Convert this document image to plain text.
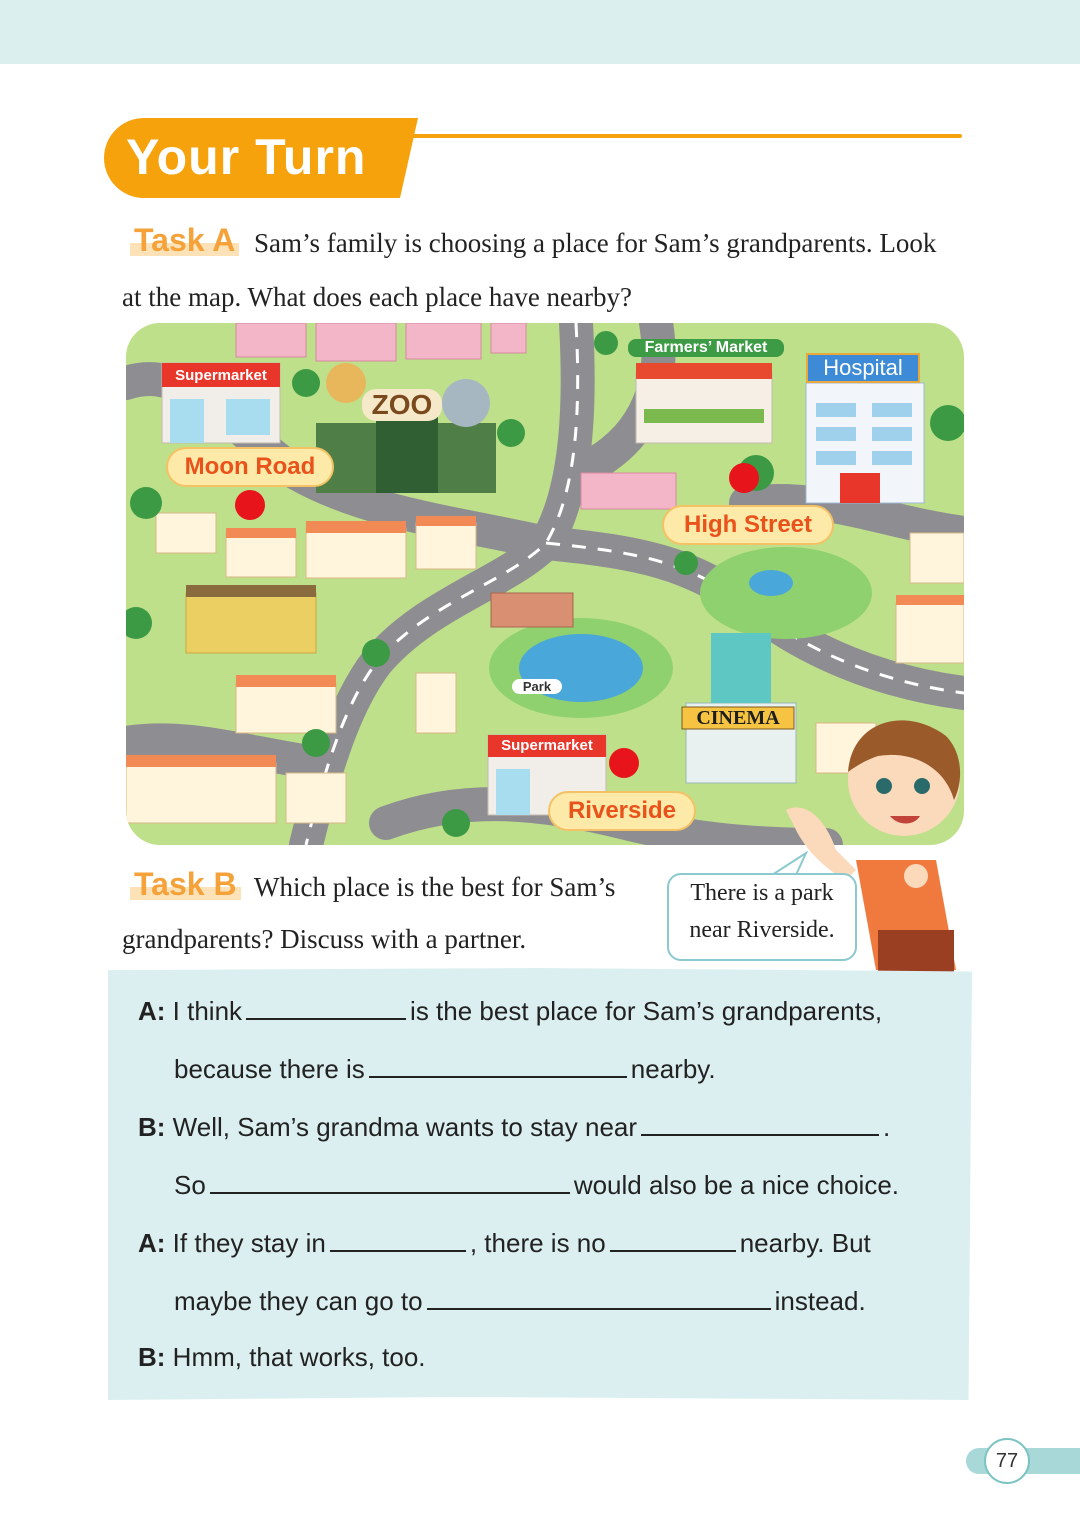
Your Turn
Task A Sam’s family is choosing a place for Sam’s grandparents. Look
at the map. What does each place have nearby?
Supermarket
ZOO
Farmers’ Market
Hospital
Park
CINEMA
Supermarket
Moon Road
High Street
Riverside
Task B Which place is the best for Sam’s
grandparents? Discuss with a partner.
There is a park
near Riverside.
A: I think	is the best place for Sam’s grandparents,
because there is	nearby.
B: Well, Sam’s grandma wants to stay near	.
So	would also be a nice choice.
A: If they stay in	, there is no	nearby. But
maybe they can go to	instead.
B: Hmm, that works, too.
77
